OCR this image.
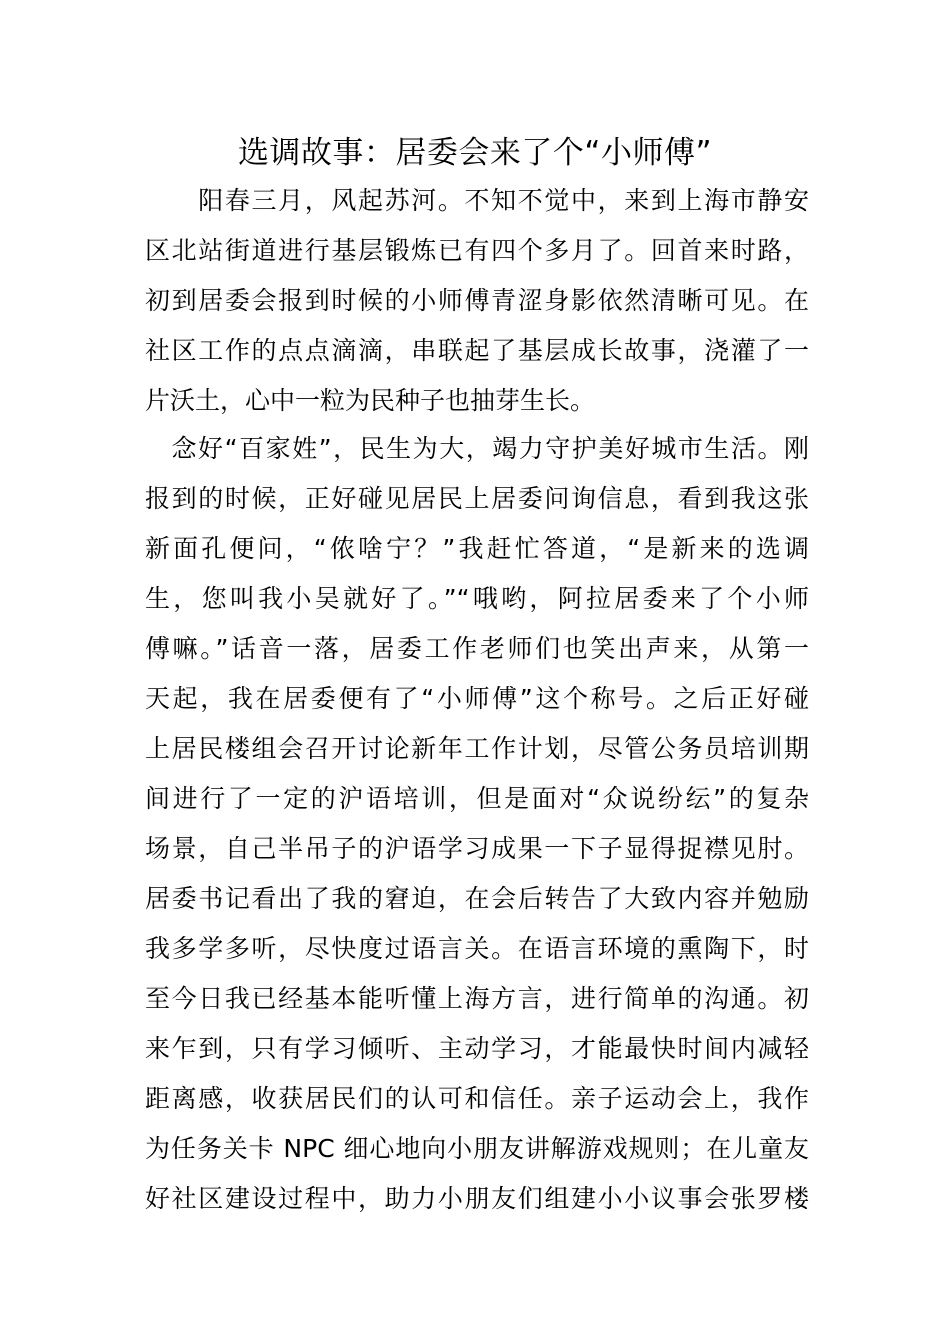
选调故事：居委会来了个“小师傅”

　　阳春三月，风起苏河。不知不觉中，来到上海市静安

区北站街道进行基层锻炼已有四个多月了。回首来时路，

初到居委会报到时候的小师傅青涩身影依然清晰可见。在

社区工作的点点滴滴，串联起了基层成长故事，浇灌了一

片沃土，心中一粒为民种子也抽芽生长。

　念好“百家姓”，民生为大，竭力守护美好城市生活。刚

报到的时候，正好碰见居民上居委问询信息，看到我这张

新面孔便问，“侬啥宁？”我赶忙答道，“是新来的选调

生，您叫我小吴就好了。”“哦哟，阿拉居委来了个小师

傅嘛。”话音一落，居委工作老师们也笑出声来，从第一

天起，我在居委便有了“小师傅”这个称号。之后正好碰

上居民楼组会召开讨论新年工作计划，尽管公务员培训期

间进行了一定的沪语培训，但是面对“众说纷纭”的复杂

场景，自己半吊子的沪语学习成果一下子显得捉襟见肘。

居委书记看出了我的窘迫，在会后转告了大致内容并勉励

我多学多听，尽快度过语言关。在语言环境的熏陶下，时

至今日我已经基本能听懂上海方言，进行简单的沟通。初

来乍到，只有学习倾听、主动学习，才能最快时间内减轻

距离感，收获居民们的认可和信任。亲子运动会上，我作

为任务关卡 NPC 细心地向小朋友讲解游戏规则；在儿童友

好社区建设过程中，助力小朋友们组建小小议事会张罗楼
